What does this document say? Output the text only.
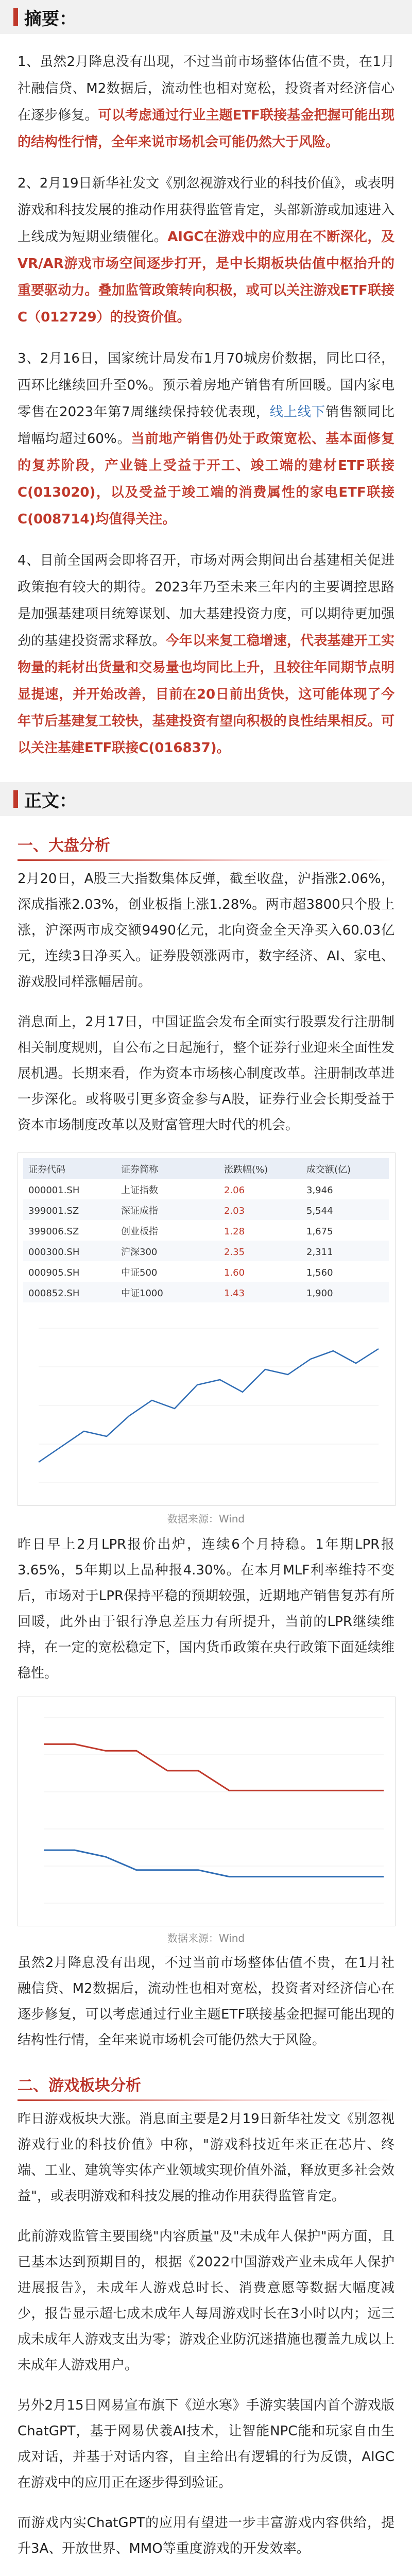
摘要：

1、虽然2月降息没有出现，不过当前市场整体估值不贵，在1月社融信贷、M2数据后，流动性也相对宽松，投资者对经济信心在逐步修复。可以考虑通过行业主题ETF联接基金把握可能出现的结构性行情，全年来说市场机会可能仍然大于风险。

2、2月19日新华社发文《别忽视游戏行业的科技价值》，或表明游戏和科技发展的推动作用获得监管肯定，头部新游或加速进入上线成为短期业绩催化。AIGC在游戏中的应用在不断深化，及VR/AR游戏市场空间逐步打开，是中长期板块估值中枢抬升的重要驱动力。叠加监管政策转向积极，或可以关注游戏ETF联接C（012729）的投资价值。

3、2月16日，国家统计局发布1月70城房价数据，同比口径，西环比继续回升至0%。预示着房地产销售有所回暖。国内家电零售在2023年第7周继续保持较优表现，线上线下销售额同比增幅均超过60%。当前地产销售仍处于政策宽松、基本面修复的复苏阶段，产业链上受益于开工、竣工端的建材ETF联接C(013020)，以及受益于竣工端的消费属性的家电ETF联接C(008714)均值得关注。

4、目前全国两会即将召开，市场对两会期间出台基建相关促进政策抱有较大的期待。2023年乃至未来三年内的主要调控思路是加强基建项目统筹谋划、加大基建投资力度，可以期待更加强劲的基建投资需求释放。今年以来复工稳增速，代表基建开工实物量的耗材出货量和交易量也均同比上升，且较往年同期节点明显提速，并开始改善，目前在20日前出货快，这可能体现了今年节后基建复工较快，基建投资有望向积极的良性结果相反。可以关注基建ETF联接C(016837)。

正文：
一、大盘分析

2月20日，A股三大指数集体反弹，截至收盘，沪指涨2.06%，深成指涨2.03%，创业板指上涨1.28%。两市超3800只个股上涨，沪深两市成交额9490亿元，北向资金全天净买入60.03亿元，连续3日净买入。证券股领涨两市，数字经济、AI、家电、游戏股同样涨幅居前。

消息面上，2月17日，中国证监会发布全面实行股票发行注册制相关制度规则，自公布之日起施行，整个证券行业迎来全面性发展机遇。长期来看，作为资本市场核心制度改革。注册制改革进一步深化。或将吸引更多资金参与A股，证券行业会长期受益于资本市场制度改革以及财富管理大时代的机会。

证券代码	证券简称	涨跌幅(%)	成交额(亿)
000001.SH	上证指数	2.06	3,946
399001.SZ	深证成指	2.03	5,544
399006.SZ	创业板指	1.28	1,675
000300.SH	沪深300	2.35	2,311
000905.SH	中证500	1.60	1,560
000852.SH	中证1000	1.43	1,900
数据来源：Wind

昨日早上2月LPR报价出炉，连续6个月持稳。1年期LPR报3.65%，5年期以上品种报4.30%。在本月MLF利率维持不变后，市场对于LPR保持平稳的预期较强，近期地产销售复苏有所回暖，此外由于银行净息差压力有所提升，当前的LPR继续维持，在一定的宽松稳定下，国内货币政策在央行政策下面延续维稳性。

数据来源：Wind

虽然2月降息没有出现，不过当前市场整体估值不贵，在1月社融信贷、M2数据后，流动性也相对宽松，投资者对经济信心在逐步修复，可以考虑通过行业主题ETF联接基金把握可能出现的结构性行情，全年来说市场机会可能仍然大于风险。

二、游戏板块分析

昨日游戏板块大涨。消息面主要是2月19日新华社发文《别忽视游戏行业的科技价值》中称，"游戏科技近年来正在芯片、终端、工业、建筑等实体产业领域实现价值外溢，释放更多社会效益"，或表明游戏和科技发展的推动作用获得监管肯定。

此前游戏监管主要围绕"内容质量"及"未成年人保护"两方面，且已基本达到预期目的，根据《2022中国游戏产业未成年人保护进展报告》，未成年人游戏总时长、消费意愿等数据大幅度减少，报告显示超七成未成年人每周游戏时长在3小时以内；远三成未成年人游戏支出为零；游戏企业防沉迷措施也覆盖九成以上未成年人游戏用户。

另外2月15日网易宣布旗下《逆水寒》手游实装国内首个游戏版ChatGPT，基于网易伏羲AI技术，让智能NPC能和玩家自由生成对话，并基于对话内容，自主给出有逻辑的行为反馈，AIGC在游戏中的应用正在逐步得到验证。

而游戏内实ChatGPT的应用有望进一步丰富游戏内容供给，提升3A、开放世界、MMO等重度游戏的开发效率。
